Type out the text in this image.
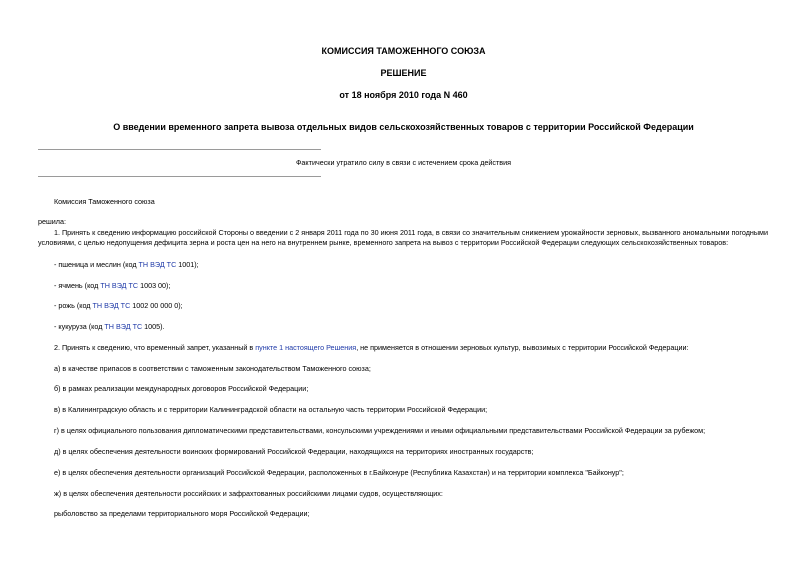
КОМИССИЯ ТАМОЖЕННОГО СОЮЗА
РЕШЕНИЕ
от 18 ноября 2010 года N 460
О введении временного запрета вывоза отдельных видов сельскохозяйственных товаров с территории Российской Федерации
Фактически утратило силу в связи с истечением срока действия
Комиссия Таможенного союза
решила:
1. Принять к сведению информацию российской Стороны о введении с 2 января 2011 года по 30 июня 2011 года, в связи со значительным снижением урожайности зерновых, вызванного аномальными погодными условиями, с целью недопущения дефицита зерна и роста цен на него на внутреннем рынке, временного запрета на вывоз с территории Российской Федерации следующих сельскохозяйственных товаров:
- пшеница и меслин (код ТН ВЭД ТС 1001);
- ячмень (код ТН ВЭД ТС 1003 00);
- рожь (код ТН ВЭД ТС 1002 00 000 0);
- кукуруза (код ТН ВЭД ТС 1005).
2. Принять к сведению, что временный запрет, указанный в пункте 1 настоящего Решения, не применяется в отношении зерновых культур, вывозимых с территории Российской Федерации:
а) в качестве припасов в соответствии с таможенным законодательством Таможенного союза;
б) в рамках реализации международных договоров Российской Федерации;
в) в Калининградскую область и с территории Калининградской области на остальную часть территории Российской Федерации;
г) в целях официального пользования дипломатическими представительствами, консульскими учреждениями и иными официальными представительствами Российской Федерации за рубежом;
д) в целях обеспечения деятельности воинских формирований Российской Федерации, находящихся на территориях иностранных государств;
е) в целях обеспечения деятельности организаций Российской Федерации, расположенных в г.Байконуре (Республика Казахстан) и на территории комплекса "Байконур";
ж) в целях обеспечения деятельности российских и зафрахтованных российскими лицами судов, осуществляющих:
рыболовство за пределами территориального моря Российской Федерации;
